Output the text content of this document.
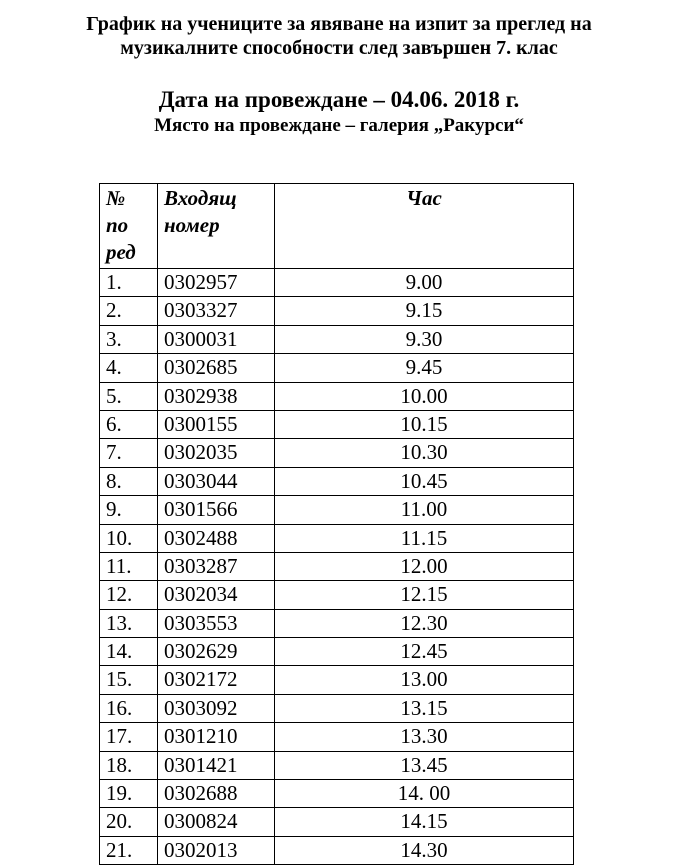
График на учениците за явяване на изпит за преглед на
музикалните способности след завършен 7. клас
Дата на провеждане – 04.06. 2018 г.
Място на провеждане – галерия „Ракурси“
№ по ред	Входящ номер	Час
1.	0302957	9.00
2.	0303327	9.15
3.	0300031	9.30
4.	0302685	9.45
5.	0302938	10.00
6.	0300155	10.15
7.	0302035	10.30
8.	0303044	10.45
9.	0301566	11.00
10.	0302488	11.15
11.	0303287	12.00
12.	0302034	12.15
13.	0303553	12.30
14.	0302629	12.45
15.	0302172	13.00
16.	0303092	13.15
17.	0301210	13.30
18.	0301421	13.45
19.	0302688	14. 00
20.	0300824	14.15
21.	0302013	14.30
